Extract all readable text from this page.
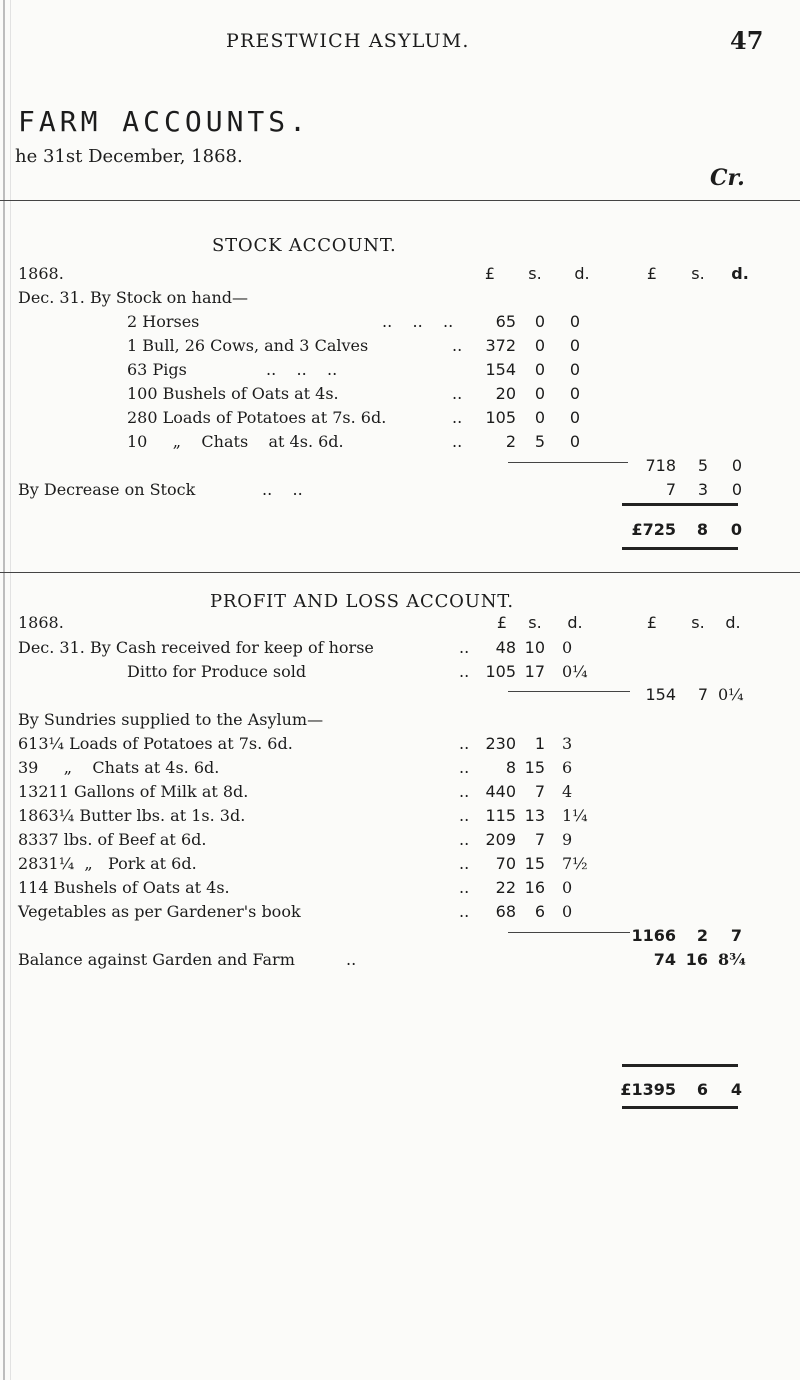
PRESTWICH ASYLUM.	47
FARM ACCOUNTS.
he 31st December, 1868.
Cr.
STOCK ACCOUNT.
1868.	£	s.	d.	£	s.	d.
Dec. 31. By Stock on hand—
2 Horses	..    ..    ..	65	0	0
1 Bull, 26 Cows, and 3 Calves	..	372	0	0
63 Pigs	..    ..    ..	154	0	0
100 Bushels of Oats at 4s.	..	20	0	0
280 Loads of Potatoes at 7s. 6d.	..	105	0	0
10     „    Chats    at 4s. 6d.	..	2	5	0
718	5	0
By Decrease on Stock	..    ..	7	3	0
£725	8	0
PROFIT AND LOSS ACCOUNT.
1868.	£	s.	d.	£	s.	d.
Dec. 31. By Cash received for keep of horse	..	48 10 0
Ditto for Produce sold	..	105 17 0¼
154	7 0¼
By Sundries supplied to the Asylum—
613¼ Loads of Potatoes at 7s. 6d.	..	230	1 3
39     „    Chats at 4s. 6d.	..	8 15 6
13211 Gallons of Milk at 8d.	..	440	7 4
1863¼ Butter lbs. at 1s. 3d.	..	115 13 1¼
8337 lbs. of Beef at 6d.	..	209	7 9
2831¼  „   Pork at 6d.	..	70 15 7½
114 Bushels of Oats at 4s.	..	22 16 0
Vegetables as per Gardener's book	..	68	6 0
1166	2	7
Balance against Garden and Farm	..	74 16 8¾
£1395	6	4
